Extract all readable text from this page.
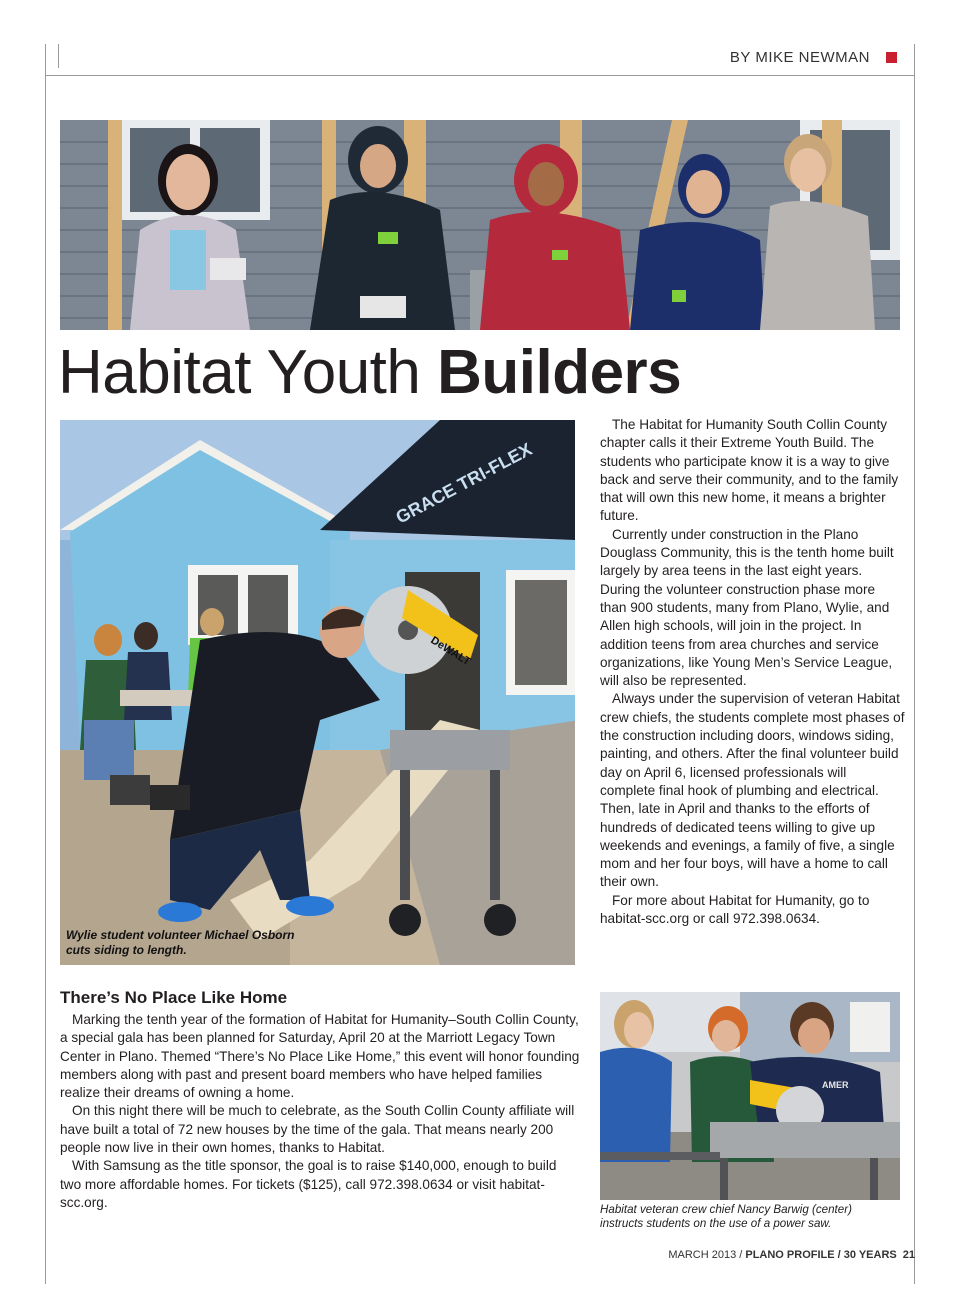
BY MIKE NEWMAN
Habitat Youth Builders
GRACE TRI-FLEX
DeWALT
Wylie student volunteer Michael Osborn
cuts siding to length.

The Habitat for Humanity South Collin County chapter calls it their Extreme Youth Build. The students who participate know it is a way to give back and serve their community, and to the family that will own this new home, it means a brighter future.

Currently under construction in the Plano Douglass Community, this is the tenth home built largely by area teens in the last eight years. During the volunteer construction phase more than 900 students, many from Plano, Wylie, and Allen high schools, will join in the project. In addition teens from area churches and service organizations, like Young Men’s Service League, will also be represented.

Always under the supervision of veteran Habitat crew chiefs, the students complete most phases of the construction including doors, windows siding, painting, and others. After the final volunteer build day on April 6, licensed professionals will complete final hook of plumbing and electrical. Then, late in April and thanks to the efforts of hundreds of dedicated teens willing to give up weekends and evenings, a family of five, a single mom and her four boys, will have a home to call their own.

For more about Habitat for Humanity, go to habitat-scc.org or call 972.398.0634.

There’s No Place Like Home

Marking the tenth year of the formation of Habitat for Humanity–South Collin County, a special gala has been planned for Saturday, April 20 at the Marriott Legacy Town Center in Plano. Themed “There’s No Place Like Home,” this event will honor founding members along with past and present board members who have helped families realize their dreams of owning a home.

On this night there will be much to celebrate, as the South Collin County affiliate will have built a total of 72 new houses by the time of the gala. That means nearly 200 people now live in their own homes, thanks to Habitat.

With Samsung as the title sponsor, the goal is to raise $140,000, enough to build two more affordable homes. For tickets ($125), call 972.398.0634 or visit habitat-scc.org.

AMER
Habitat veteran crew chief Nancy Barwig (center)
instructs students on the use of a power saw.
MARCH 2013 / PLANO PROFILE / 30 YEARS 21
